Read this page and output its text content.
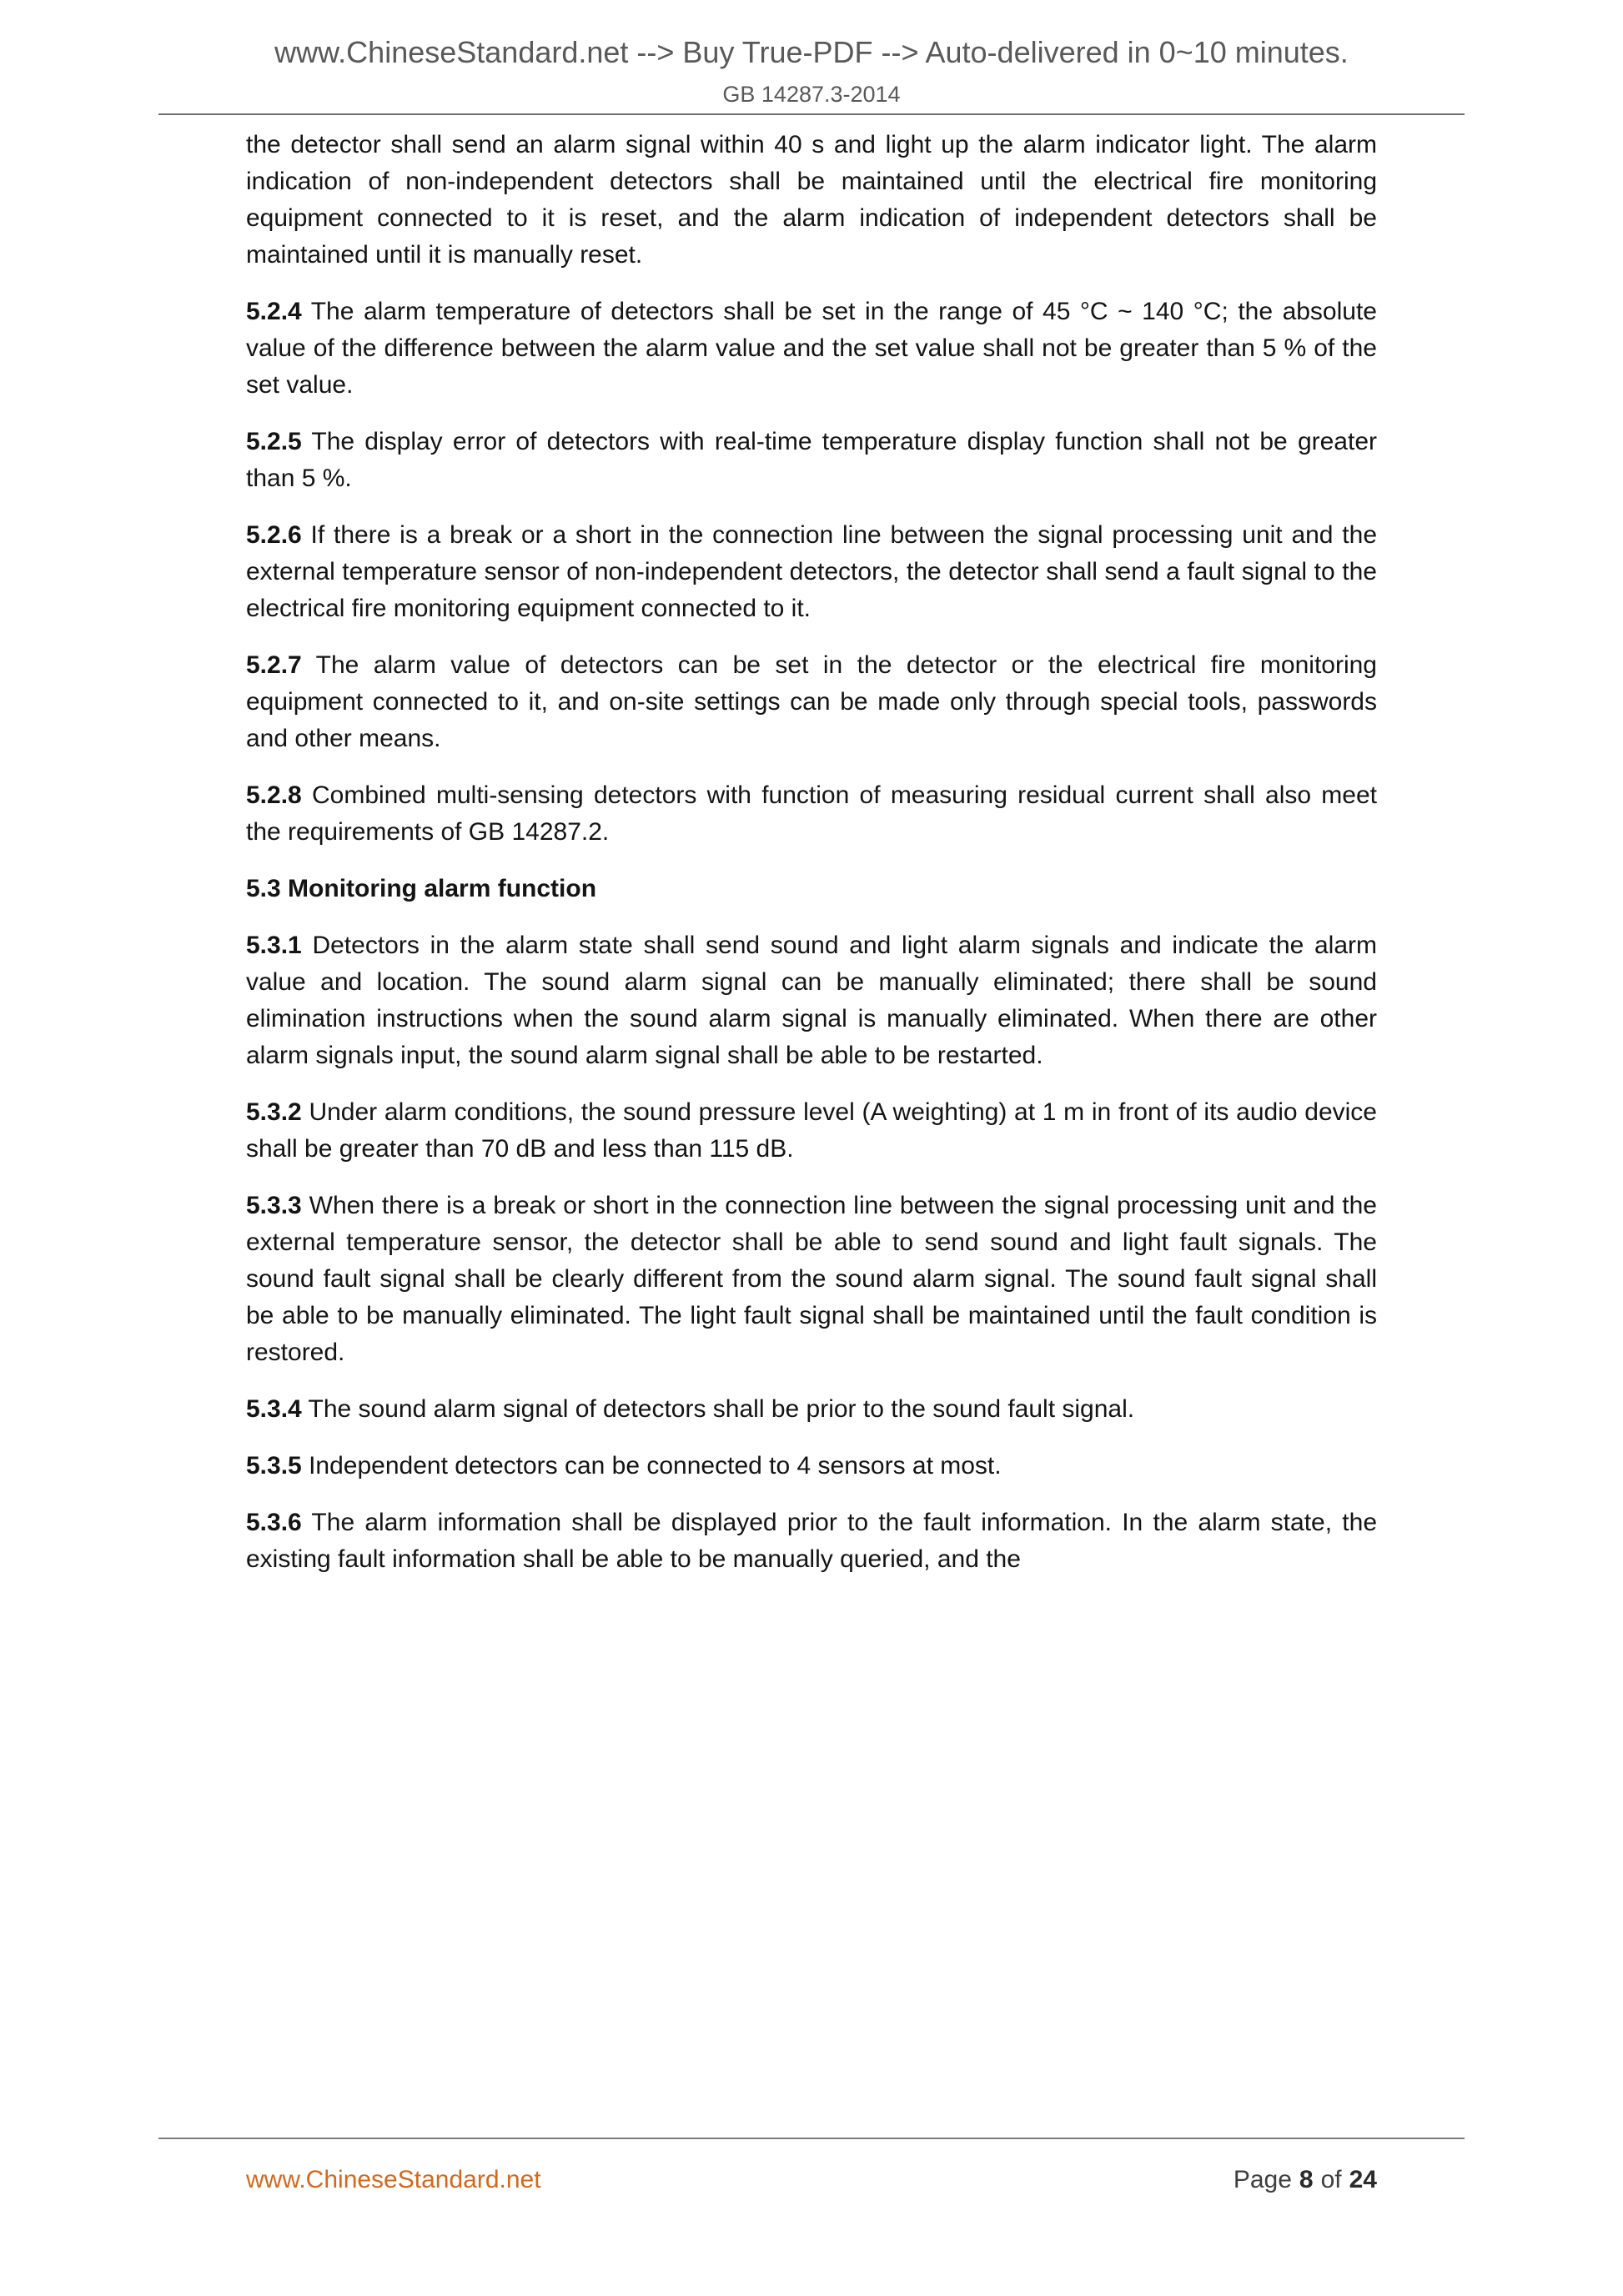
www.ChineseStandard.net --> Buy True-PDF --> Auto-delivered in 0~10 minutes.
GB 14287.3-2014
the detector shall send an alarm signal within 40 s and light up the alarm indicator light. The alarm indication of non-independent detectors shall be maintained until the electrical fire monitoring equipment connected to it is reset, and the alarm indication of independent detectors shall be maintained until it is manually reset.
5.2.4 The alarm temperature of detectors shall be set in the range of 45 °C ~ 140 °C; the absolute value of the difference between the alarm value and the set value shall not be greater than 5 % of the set value.
5.2.5 The display error of detectors with real-time temperature display function shall not be greater than 5 %.
5.2.6 If there is a break or a short in the connection line between the signal processing unit and the external temperature sensor of non-independent detectors, the detector shall send a fault signal to the electrical fire monitoring equipment connected to it.
5.2.7 The alarm value of detectors can be set in the detector or the electrical fire monitoring equipment connected to it, and on-site settings can be made only through special tools, passwords and other means.
5.2.8 Combined multi-sensing detectors with function of measuring residual current shall also meet the requirements of GB 14287.2.
5.3 Monitoring alarm function
5.3.1 Detectors in the alarm state shall send sound and light alarm signals and indicate the alarm value and location. The sound alarm signal can be manually eliminated; there shall be sound elimination instructions when the sound alarm signal is manually eliminated. When there are other alarm signals input, the sound alarm signal shall be able to be restarted.
5.3.2 Under alarm conditions, the sound pressure level (A weighting) at 1 m in front of its audio device shall be greater than 70 dB and less than 115 dB.
5.3.3 When there is a break or short in the connection line between the signal processing unit and the external temperature sensor, the detector shall be able to send sound and light fault signals. The sound fault signal shall be clearly different from the sound alarm signal. The sound fault signal shall be able to be manually eliminated. The light fault signal shall be maintained until the fault condition is restored.
5.3.4 The sound alarm signal of detectors shall be prior to the sound fault signal.
5.3.5 Independent detectors can be connected to 4 sensors at most.
5.3.6 The alarm information shall be displayed prior to the fault information. In the alarm state, the existing fault information shall be able to be manually queried, and the
www.ChineseStandard.net	Page 8 of 24
